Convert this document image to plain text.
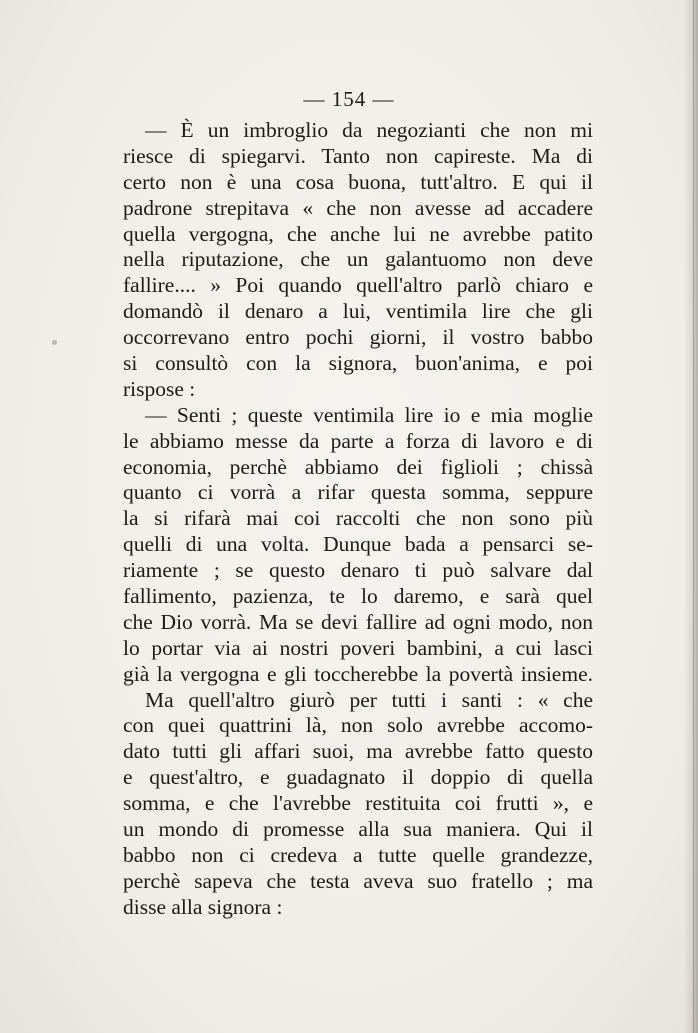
— 154 —
— È un imbroglio da negozianti che non mi
riesce di spiegarvi. Tanto non capireste. Ma di
certo non è una cosa buona, tutt'altro. E qui il
padrone strepitava « che non avesse ad accadere
quella vergogna, che anche lui ne avrebbe patito
nella riputazione, che un galantuomo non deve
fallire.... » Poi quando quell'altro parlò chiaro e
domandò il denaro a lui, ventimila lire che gli
occorrevano entro pochi giorni, il vostro babbo
si consultò con la signora, buon'anima, e poi
rispose :
— Senti ; queste ventimila lire io e mia moglie
le abbiamo messe da parte a forza di lavoro e di
economia, perchè abbiamo dei figlioli ; chissà
quanto ci vorrà a rifar questa somma, seppure
la si rifarà mai coi raccolti che non sono più
quelli di una volta. Dunque bada a pensarci se-
riamente ; se questo denaro ti può salvare dal
fallimento, pazienza, te lo daremo, e sarà quel
che Dio vorrà. Ma se devi fallire ad ogni modo, non
lo portar via ai nostri poveri bambini, a cui lasci
già la vergogna e gli toccherebbe la povertà insieme.
Ma quell'altro giurò per tutti i santi : « che
con quei quattrini là, non solo avrebbe accomo-
dato tutti gli affari suoi, ma avrebbe fatto questo
e quest'altro, e guadagnato il doppio di quella
somma, e che l'avrebbe restituita coi frutti », e
un mondo di promesse alla sua maniera. Qui il
babbo non ci credeva a tutte quelle grandezze,
perchè sapeva che testa aveva suo fratello ; ma
disse alla signora :
